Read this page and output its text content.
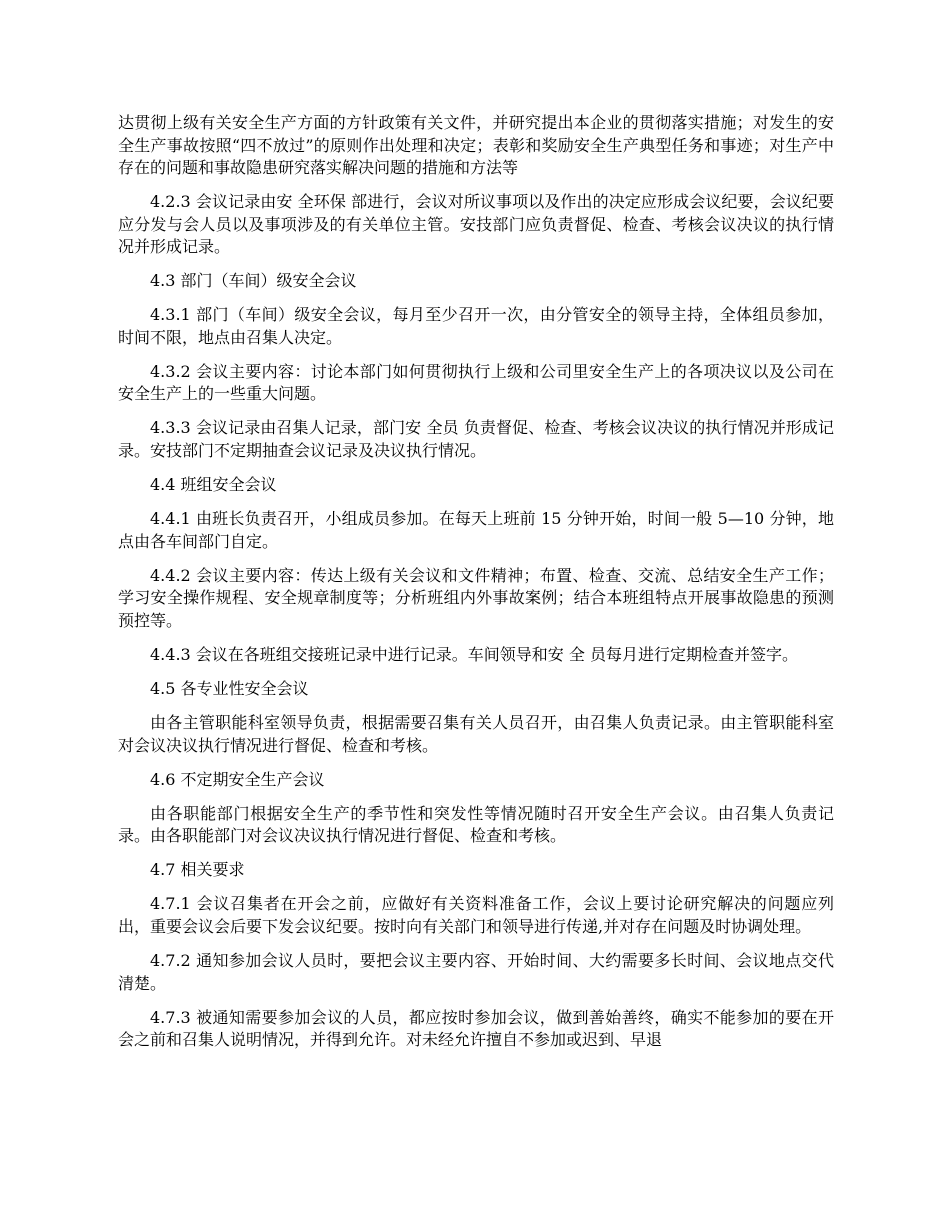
达贯彻上级有关安全生产方面的方针政策有关文件，并研究提出本企业的贯彻落实措施；对发生的安全生产事故按照“四不放过”的原则作出处理和决定；表彰和奖励安全生产典型任务和事迹；对生产中存在的问题和事故隐患研究落实解决问题的措施和方法等

4.2.3 会议记录由安 全环保 部进行，会议对所议事项以及作出的决定应形成会议纪要，会议纪要应分发与会人员以及事项涉及的有关单位主管。安技部门应负责督促、检查、考核会议决议的执行情况并形成记录。

4.3 部门（车间）级安全会议

4.3.1 部门（车间）级安全会议，每月至少召开一次，由分管安全的领导主持，全体组员参加，时间不限，地点由召集人决定。

4.3.2 会议主要内容：讨论本部门如何贯彻执行上级和公司里安全生产上的各项决议以及公司在安全生产上的一些重大问题。

4.3.3 会议记录由召集人记录，部门安 全员 负责督促、检查、考核会议决议的执行情况并形成记录。安技部门不定期抽查会议记录及决议执行情况。

4.4 班组安全会议

4.4.1 由班长负责召开，小组成员参加。在每天上班前 15 分钟开始，时间一般 5—10 分钟，地点由各车间部门自定。

4.4.2 会议主要内容：传达上级有关会议和文件精神；布置、检查、交流、总结安全生产工作；学习安全操作规程、安全规章制度等；分析班组内外事故案例；结合本班组特点开展事故隐患的预测预控等。

4.4.3 会议在各班组交接班记录中进行记录。车间领导和安 全 员每月进行定期检查并签字。

4.5 各专业性安全会议

由各主管职能科室领导负责，根据需要召集有关人员召开，由召集人负责记录。由主管职能科室对会议决议执行情况进行督促、检查和考核。

4.6 不定期安全生产会议

由各职能部门根据安全生产的季节性和突发性等情况随时召开安全生产会议。由召集人负责记录。由各职能部门对会议决议执行情况进行督促、检查和考核。

4.7 相关要求

4.7.1 会议召集者在开会之前，应做好有关资料准备工作，会议上要讨论研究解决的问题应列出，重要会议会后要下发会议纪要。按时向有关部门和领导进行传递,并对存在问题及时协调处理。

4.7.2 通知参加会议人员时，要把会议主要内容、开始时间、大约需要多长时间、会议地点交代清楚。

4.7.3 被通知需要参加会议的人员，都应按时参加会议，做到善始善终，确实不能参加的要在开会之前和召集人说明情况，并得到允许。对未经允许擅自不参加或迟到、早退
